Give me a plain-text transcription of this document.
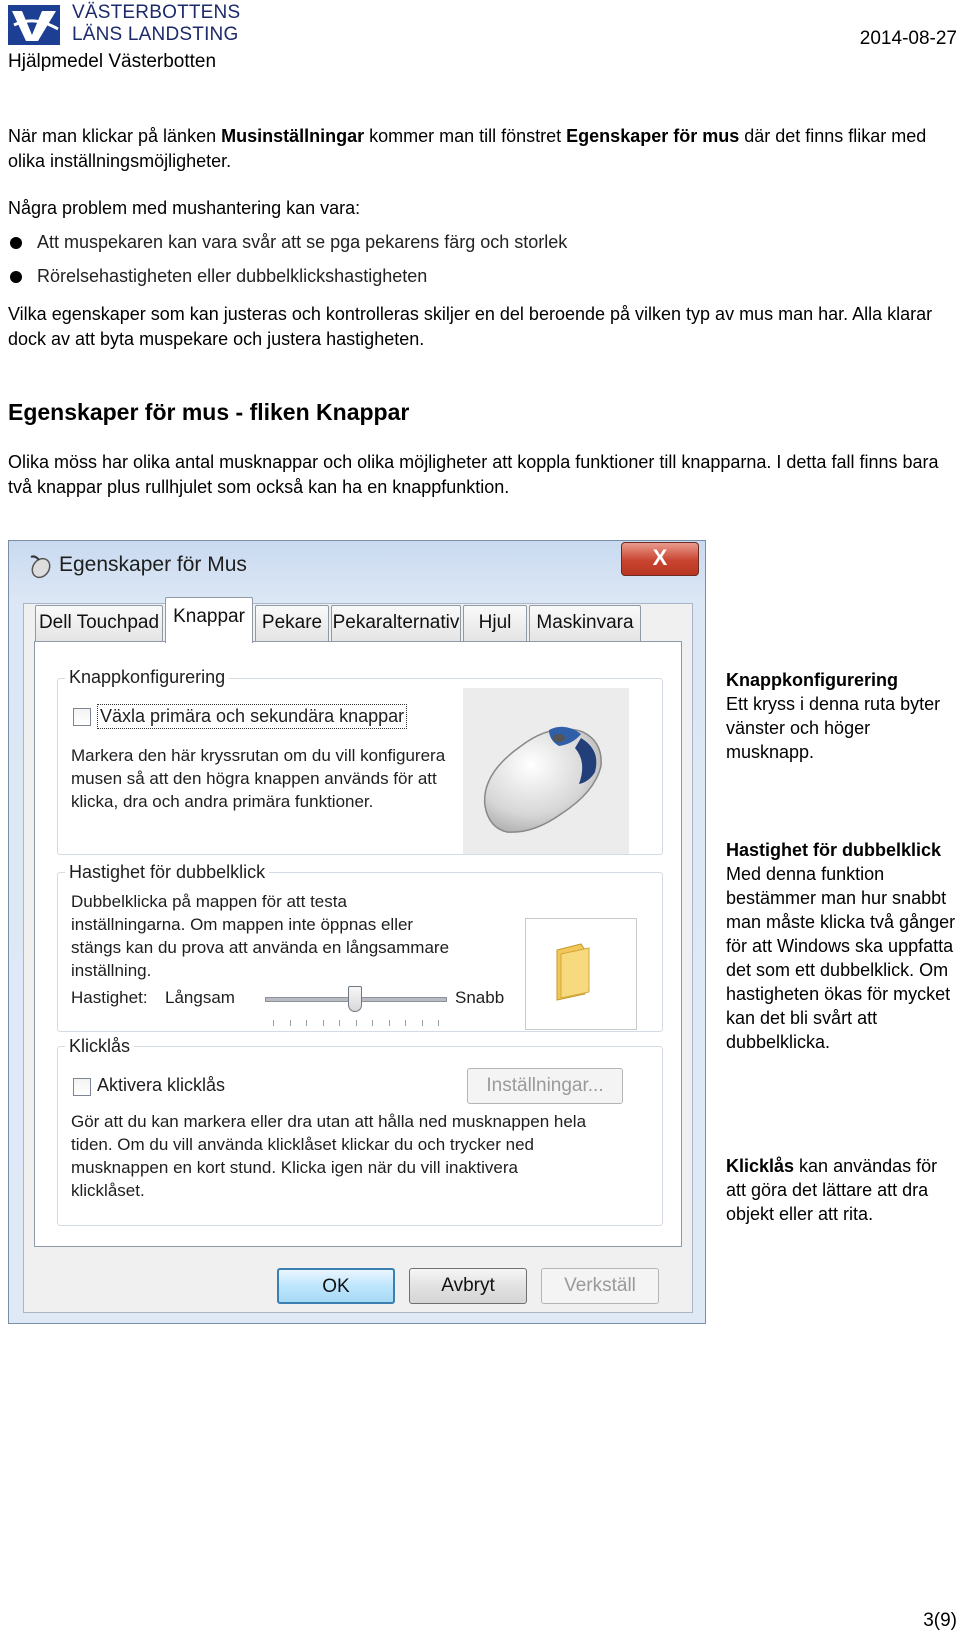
VÄSTERBOTTENS
LÄNS LANDSTING
Hjälpmedel Västerbotten
2014-08-27

När man klickar på länken Musinställningar kommer man till fönstret Egenskaper för mus där det finns flikar med olika inställningsmöjligheter.

Några problem med mushantering kan vara:

Att muspekaren kan vara svår att se pga pekarens färg och storlek
Rörelsehastigheten eller dubbelklickshastigheten

Vilka egenskaper som kan justeras och kontrolleras skiljer en del beroende på vilken typ av mus man har. Alla klarar dock av att byta muspekare och justera hastigheten.

Egenskaper för mus - fliken Knappar

Olika möss har olika antal musknappar och olika möjligheter att koppla funktioner till knapparna. I detta fall finns bara två knappar plus rullhjulet som också kan ha en knappfunktion.

Egenskaper för Mus	X
Dell Touchpad Knappar Pekare Pekaralternativ	Hjul	Maskinvara
Knappkonfigurering
Växla primära och sekundära knappar
Markera den här kryssrutan om du vill konfigurera
musen så att den högra knappen används för att
klicka, dra och andra primära funktioner.
Hastighet för dubbelklick
Dubbelklicka på mappen för att testa
inställningarna. Om mappen inte öppnas eller
stängs kan du prova att använda en långsammare
inställning.
Hastighet: Långsam	Snabb
Klicklås
Aktivera klicklås	Inställningar...
Gör att du kan markera eller dra utan att hålla ned musknappen hela
tiden. Om du vill använda klicklåset klickar du och trycker ned
musknappen en kort stund. Klicka igen när du vill inaktivera
klicklåset.
OK	Avbryt	Verkställ
Knappkonfigurering
Ett kryss i denna ruta byter vänster och höger musknapp.
Hastighet för dubbelklick
Med denna funktion bestämmer man hur snabbt man måste klicka två gånger för att Windows ska uppfatta det som ett dubbelklick. Om hastigheten ökas för mycket kan det bli svårt att dubbelklicka.
Klicklås kan användas för att göra det lättare att dra objekt eller att rita.
3(9)
